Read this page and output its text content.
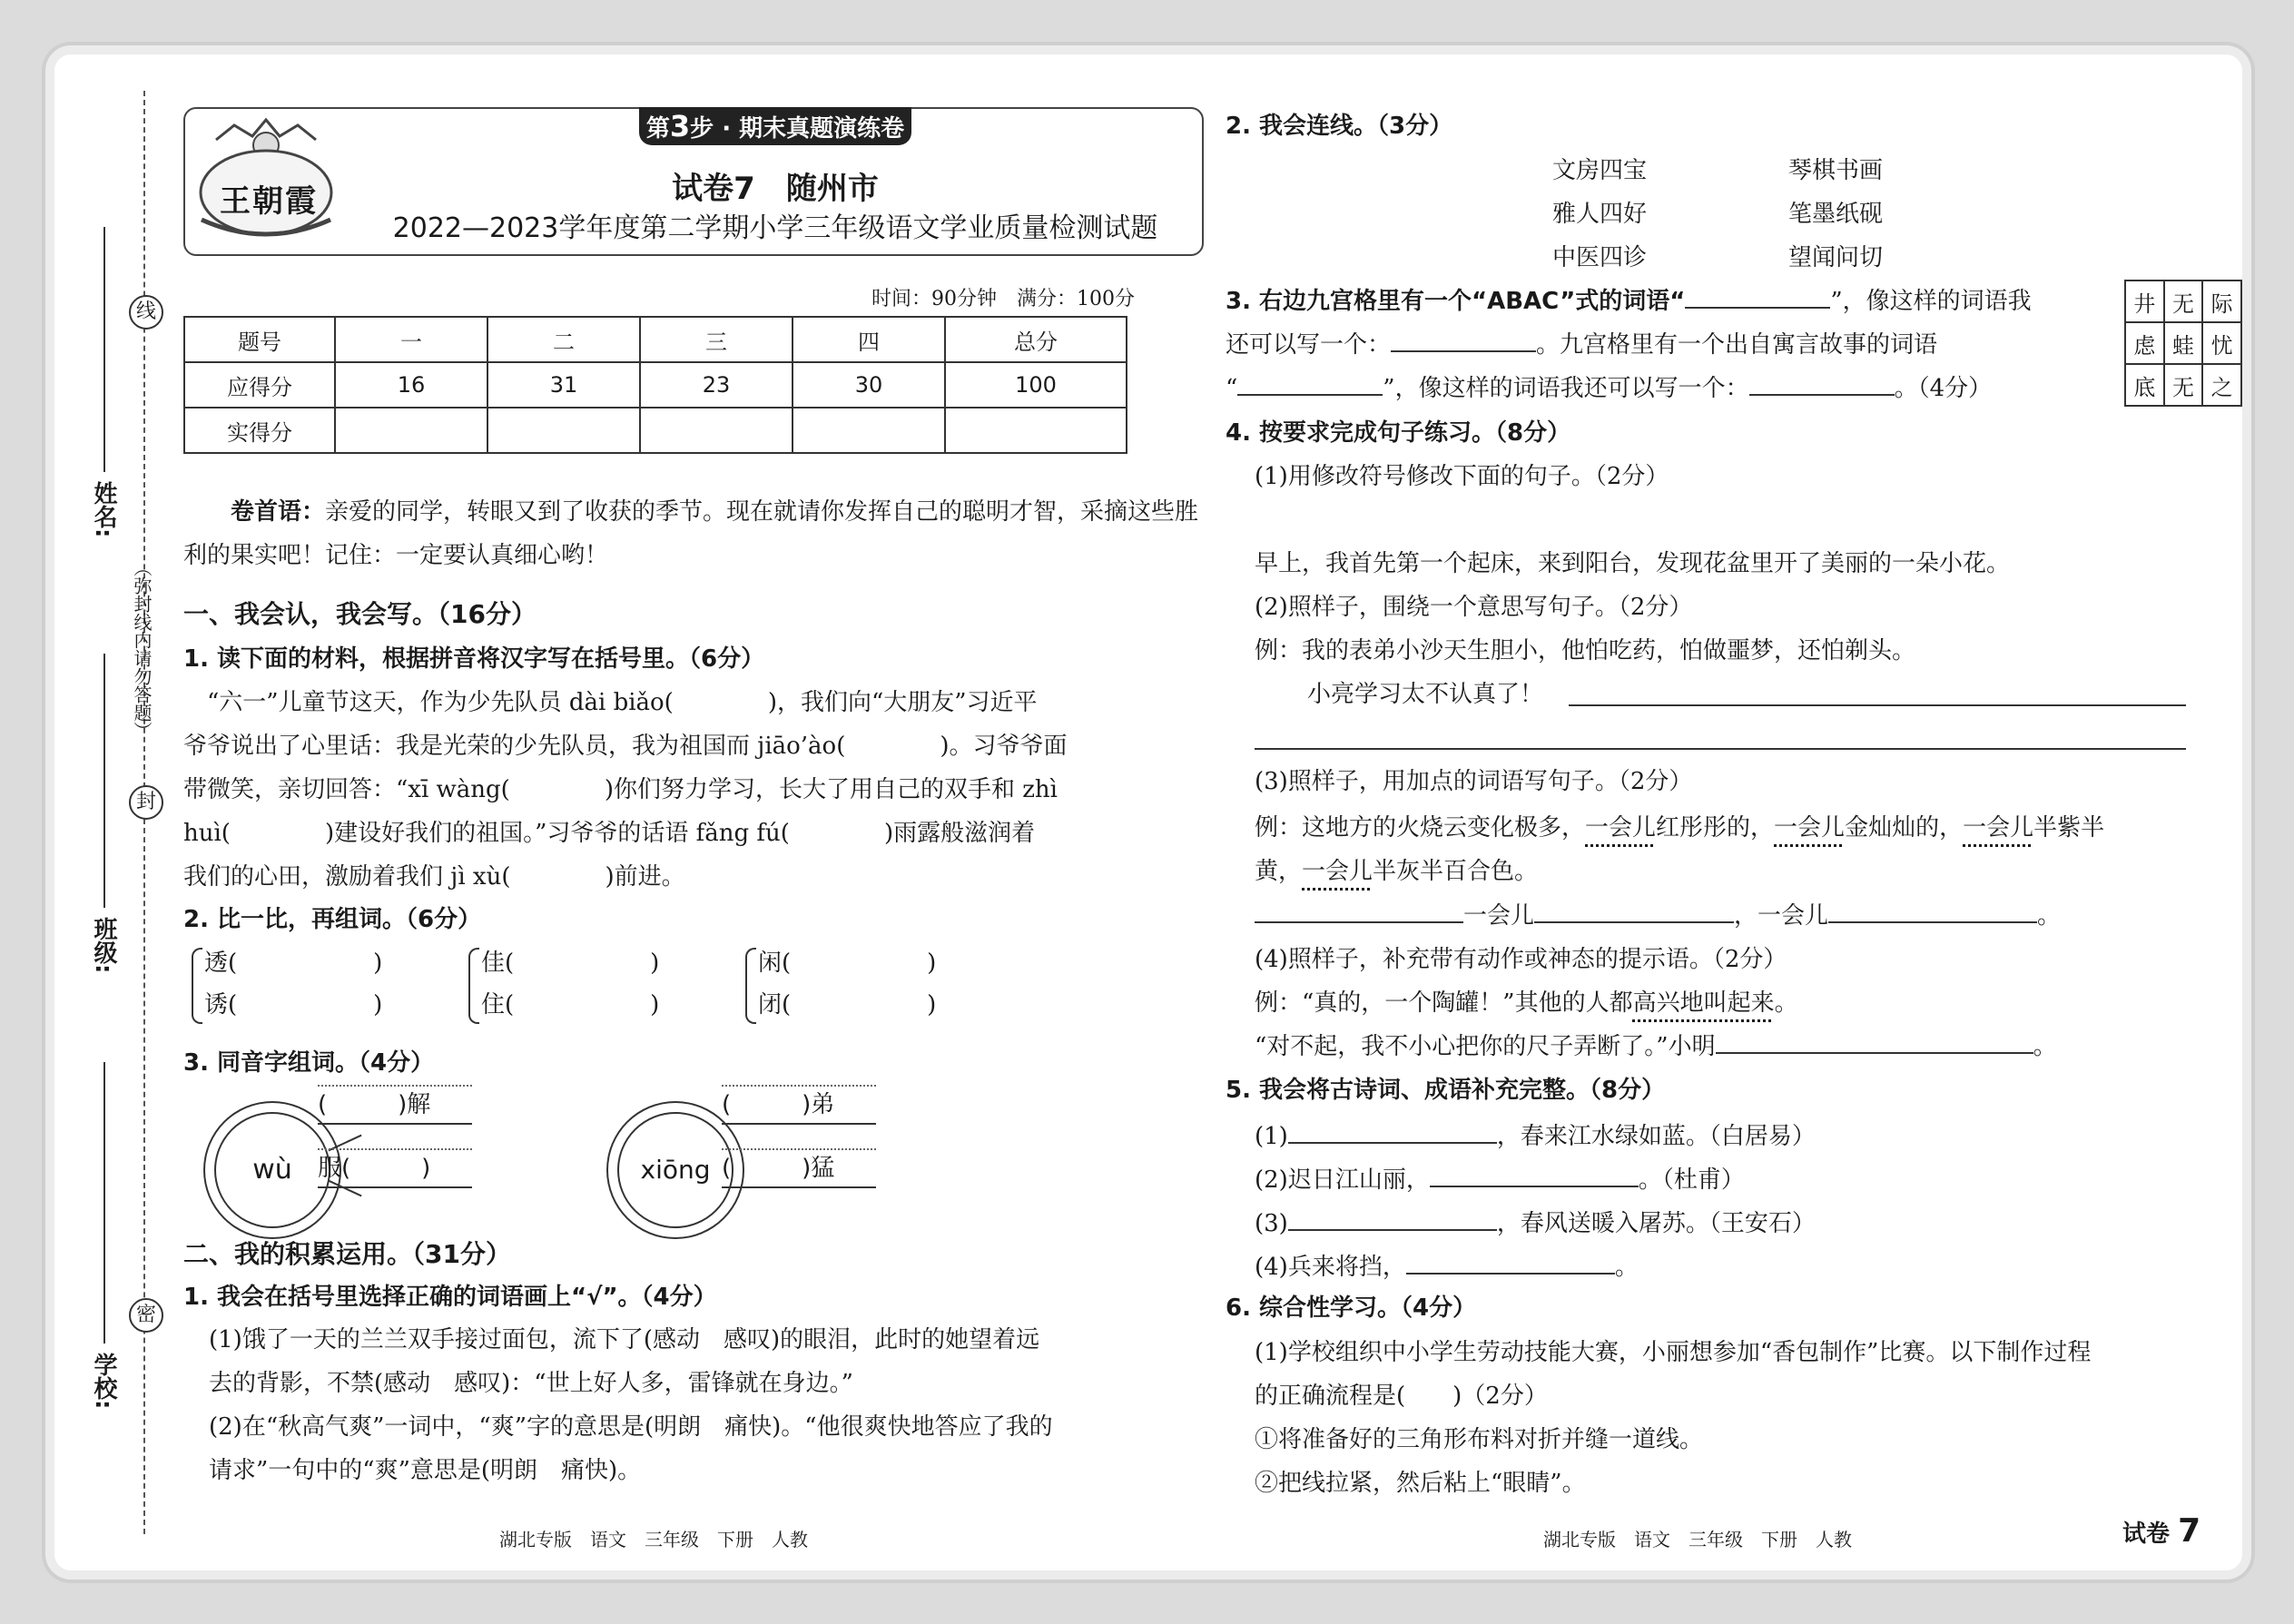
线
封
密
（弥封线内请勿答题）
姓名:
班级:
学校:
第3步 · 期末真题演练卷
王朝霞	试卷7　随州市
2022—2023学年度第二学期小学三年级语文学业质量检测试题
时间：90分钟　满分：100分
题号	一	二	三	四	总分
应得分	16	31	23	30	100
实得分					
卷首语：亲爱的同学，转眼又到了收获的季节。现在就请你发挥自己的聪明才智，采摘这些胜利的果实吧！记住：一定要认真细心哟！
一、我会认，我会写。（16分）
1. 读下面的材料，根据拼音将汉字写在括号里。（6分）
“六一”儿童节这天，作为少先队员 dài biǎo(　　　　)，我们向“大朋友”习近平
爷爷说出了心里话：我是光荣的少先队员，我为祖国而 jiāo’ào(　　　　)。习爷爷面
带微笑，亲切回答：“xī wàng(　　　　)你们努力学习，长大了用自己的双手和 zhì
huì(　　　　)建设好我们的祖国。”习爷爷的话语 fǎng fú(　　　　)雨露般滋润着
我们的心田，激励着我们 jì xù(　　　　)前进。
2. 比一比，再组词。（6分）
透(	)
诱(	)
佳(	)
住(	)
闲(	)
闭(	)
3. 同音字组词。（4分）
wù
(　　　)解
服(　　　)	xiōng
(　　　)弟
(　　　)猛
二、我的积累运用。（31分）
1. 我会在括号里选择正确的词语画上“√”。（4分）
(1)饿了一天的兰兰双手接过面包，流下了(感动　感叹)的眼泪，此时的她望着远
去的背影，不禁(感动　感叹)：“世上好人多，雷锋就在身边。”
(2)在“秋高气爽”一词中，“爽”字的意思是(明朗　痛快)。“他很爽快地答应了我的
请求”一句中的“爽”意思是(明朗　痛快)。
湖北专版　语文　三年级　下册　人教
2. 我会连线。（3分）
文房四宝
雅人四好
中医四诊
琴棋书画
笔墨纸砚
望闻问切
3. 右边九宫格里有一个“ABAC”式的词语“	”，像这样的词语我
还可以写一个：	。九宫格里有一个出自寓言故事的词语
“	”，像这样的词语我还可以写一个：	。（4分）
井	无	际
虑	蛙	忧
底	无	之
4. 按要求完成句子练习。（8分）
(1)用修改符号修改下面的句子。（2分）
早上，我首先第一个起床，来到阳台，发现花盆里开了美丽的一朵小花。
(2)照样子，围绕一个意思写句子。（2分）
例：我的表弟小沙天生胆小，他怕吃药，怕做噩梦，还怕剃头。
小亮学习太不认真了！
(3)照样子，用加点的词语写句子。（2分）
例：这地方的火烧云变化极多，一会儿红彤彤的，一会儿金灿灿的，一会儿半紫半
黄，一会儿半灰半百合色。
一会儿	，一会儿	。
(4)照样子，补充带有动作或神态的提示语。（2分）
例：“真的，一个陶罐！”其他的人都高兴地叫起来。
“对不起，我不小心把你的尺子弄断了。”小明	。
5. 我会将古诗词、成语补充完整。（8分）
(1)	，春来江水绿如蓝。（白居易）
(2)迟日江山丽，	。（杜甫）
(3)	，春风送暖入屠苏。（王安石）
(4)兵来将挡，	。
6. 综合性学习。（4分）
(1)学校组织中小学生劳动技能大赛，小丽想参加“香包制作”比赛。以下制作过程
的正确流程是(　　)（2分）
①将准备好的三角形布料对折并缝一道线。
②把线拉紧，然后粘上“眼睛”。
湖北专版　语文　三年级　下册　人教	试卷 7
